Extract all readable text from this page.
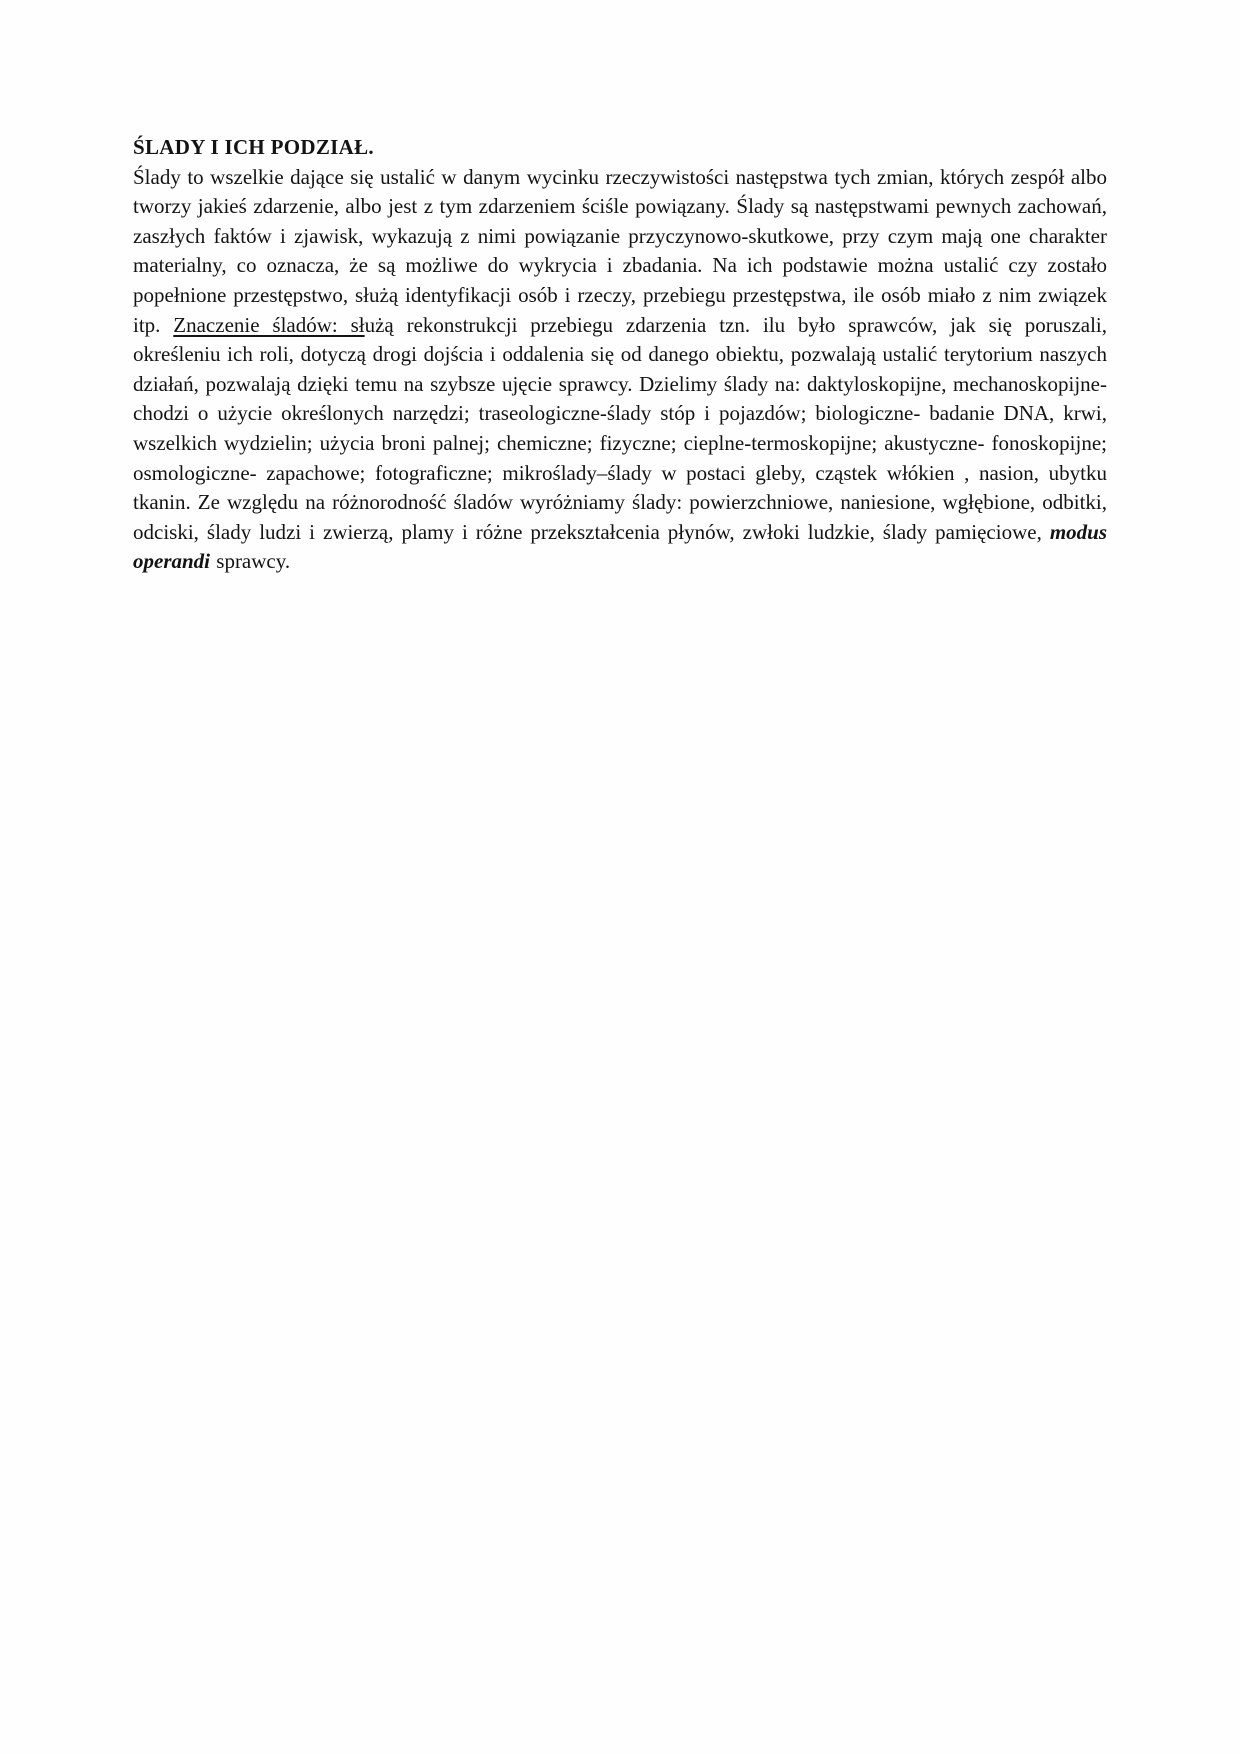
ŚLADY I ICH PODZIAŁ.

Ślady to wszelkie dające się ustalić w danym wycinku rzeczywistości następstwa tych zmian, których zespół albo tworzy jakieś zdarzenie, albo jest z tym zdarzeniem ściśle powiązany. Ślady są następstwami pewnych zachowań, zaszłych faktów i zjawisk, wykazują z nimi powiązanie przyczynowo-skutkowe, przy czym mają one charakter materialny, co oznacza, że są możliwe do wykrycia i zbadania. Na ich podstawie można ustalić czy zostało popełnione przestępstwo, służą identyfikacji osób i rzeczy, przebiegu przestępstwa, ile osób miało z nim związek itp. Znaczenie śladów: służą rekonstrukcji przebiegu zdarzenia tzn. ilu było sprawców, jak się poruszali, określeniu ich roli, dotyczą drogi dojścia i oddalenia się od danego obiektu, pozwalają ustalić terytorium naszych działań, pozwalają dzięki temu na szybsze ujęcie sprawcy. Dzielimy ślady na: daktyloskopijne, mechanoskopijne- chodzi o użycie określonych narzędzi; traseologiczne-ślady stóp i pojazdów; biologiczne- badanie DNA, krwi, wszelkich wydzielin; użycia broni palnej; chemiczne; fizyczne; cieplne-termoskopijne; akustyczne- fonoskopijne; osmologiczne- zapachowe; fotograficzne; mikroślady–ślady w postaci gleby, cząstek włókien , nasion, ubytku tkanin. Ze względu na różnorodność śladów wyróżniamy ślady: powierzchniowe, naniesione, wgłębione, odbitki, odciski, ślady ludzi i zwierzą, plamy i różne przekształcenia płynów, zwłoki ludzkie, ślady pamięciowe, modus operandi sprawcy.
